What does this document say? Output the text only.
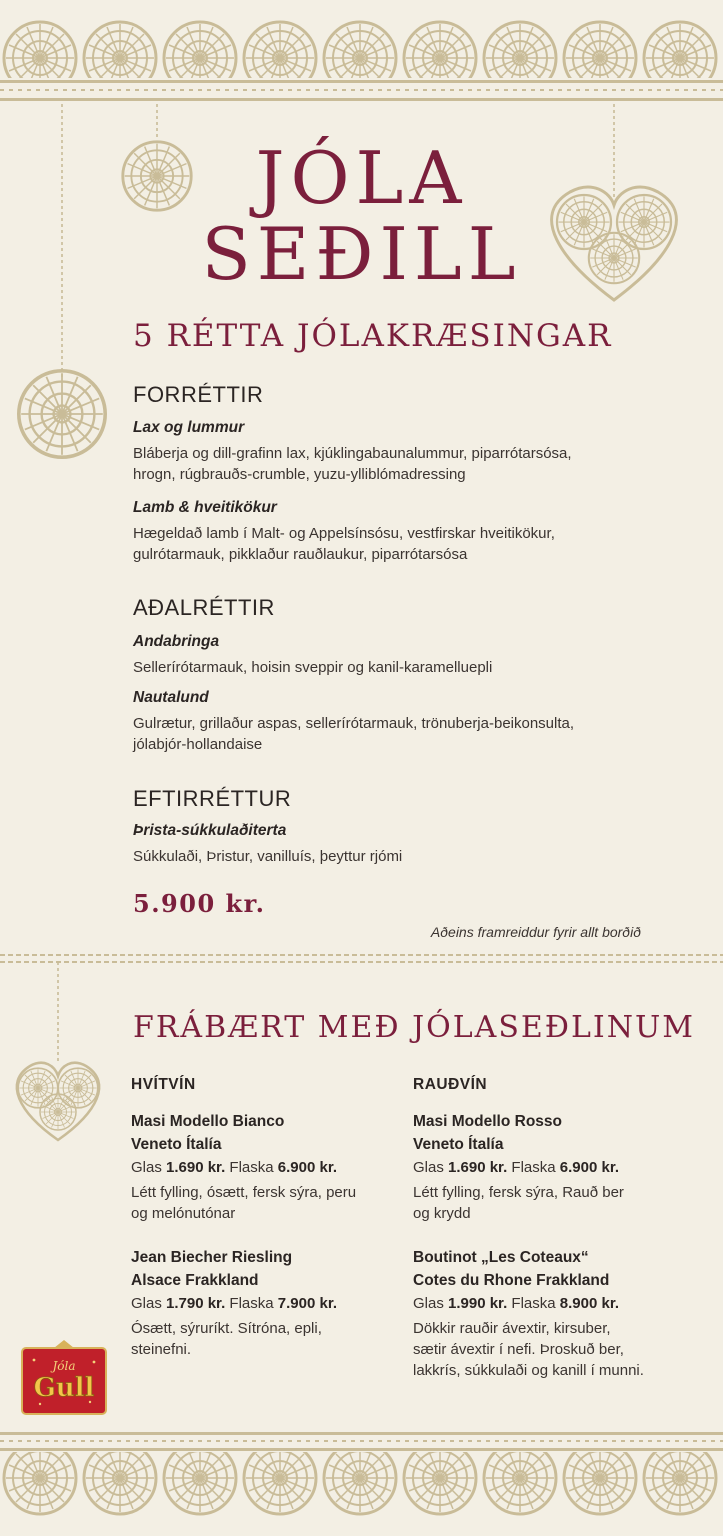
JÓLA
SEÐILL
5 RÉTTA JÓLAKRÆSINGAR
FORRÉTTIR
Lax og lummur
Bláberja og dill-grafinn lax, kjúklingabaunalummur, piparrótarsósa,
hrogn, rúgbrauðs-crumble, yuzu-ylliblómadressing
Lamb & hveitikökur
Hægeldað lamb í Malt- og Appelsínsósu, vestfirskar hveitikökur,
gulrótarmauk, pikklaður rauðlaukur, piparrótarsósa
AÐALRÉTTIR
Andabringa
Sellerírótarmauk, hoisin sveppir og kanil-karamelluepli
Nautalund
Gulrætur, grillaður aspas, sellerírótarmauk, trönuberja-beikonsulta,
jólabjór-hollandaise
EFTIRRÉTTUR
Þrista-súkkulaðiterta
Súkkulaði, Þristur, vanilluís, þeyttur rjómi
5.900 kr.
Aðeins framreiddur fyrir allt borðið
FRÁBÆRT MEÐ JÓLASEÐLINUM
HVÍTVÍN
Masi Modello Bianco
Veneto Ítalía
Glas 1.690 kr. Flaska 6.900 kr.
Létt fylling, ósætt, fersk sýra, peru
og melónutónar
Jean Biecher Riesling
Alsace Frakkland
Glas 1.790 kr. Flaska 7.900 kr.
Ósætt, sýruríkt. Sítróna, epli,
steinefni.
RAUÐVÍN
Masi Modello Rosso
Veneto Ítalía
Glas 1.690 kr. Flaska 6.900 kr.
Létt fylling, fersk sýra, Rauð ber
og krydd
Boutinot „Les Coteaux“
Cotes du Rhone Frakkland
Glas 1.990 kr. Flaska 8.900 kr.
Dökkir rauðir ávextir, kirsuber,
sætir ávextir í nefi. Þroskuð ber,
lakkrís, súkkulaði og kanill í munni.
Jóla
Gull
